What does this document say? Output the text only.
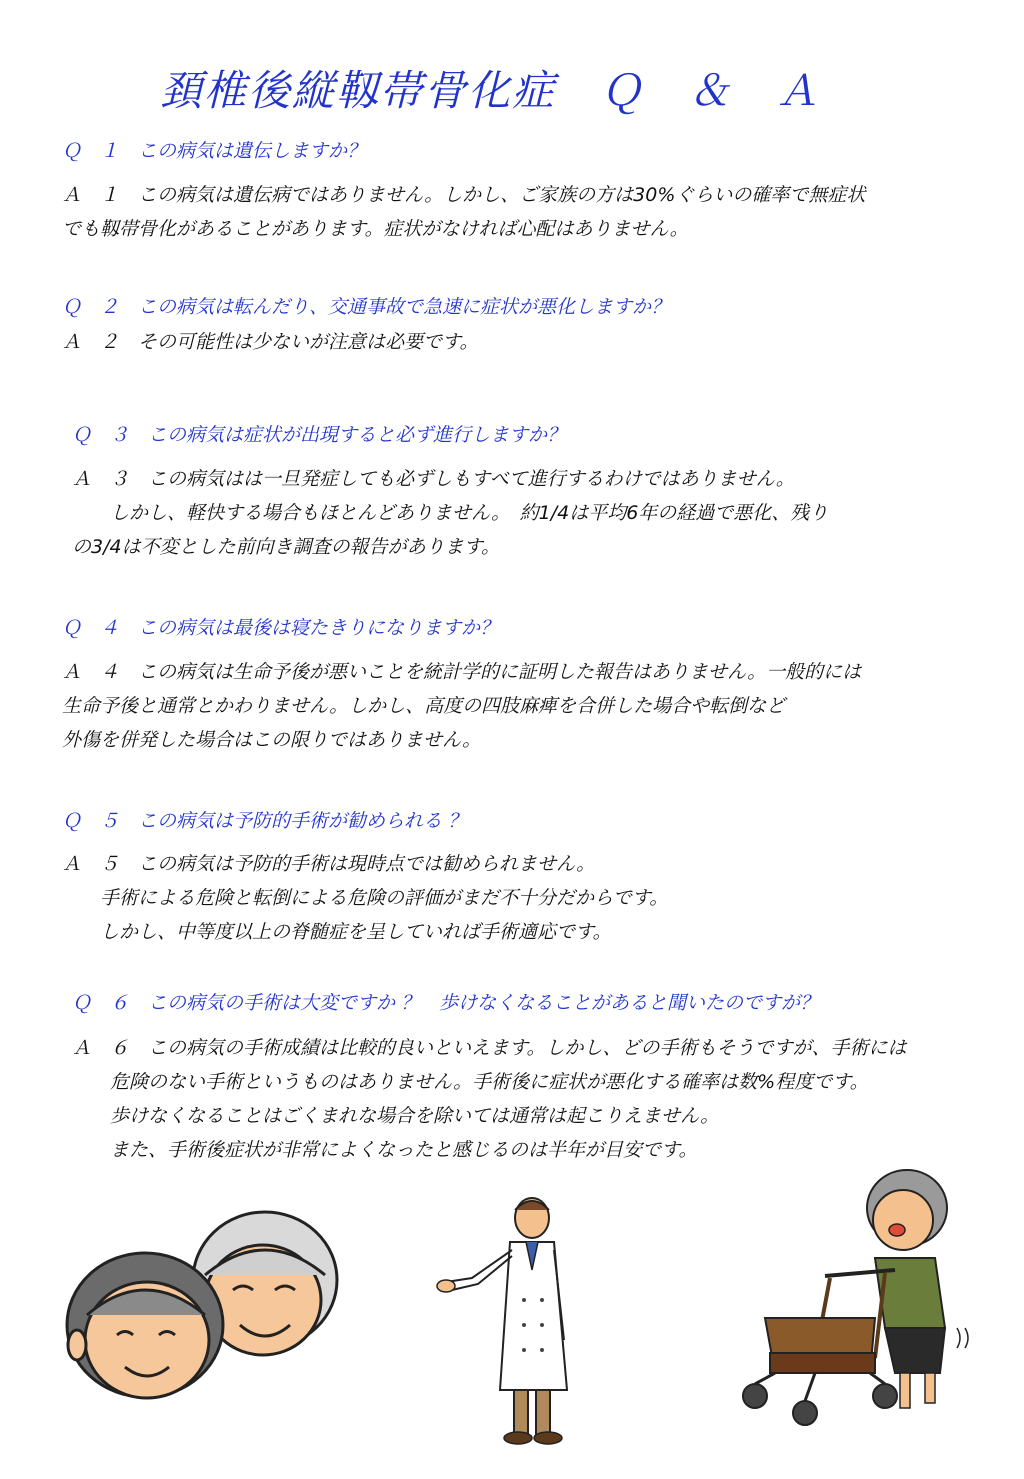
頚椎後縦靱帯骨化症　Ｑ　＆　Ａ
Ｑ　１　この病気は遺伝しますか？
Ａ　１　この病気は遺伝病ではありません。しかし、ご家族の方は30%ぐらいの確率で無症状
でも靱帯骨化があることがあります。症状がなければ心配はありません。
Ｑ　２　この病気は転んだり、交通事故で急速に症状が悪化しますか？
Ａ　２　その可能性は少ないが注意は必要です。
Ｑ　３　この病気は症状が出現すると必ず進行しますか？
Ａ　３　この病気はは一旦発症しても必ずしもすべて進行するわけではありません。
　　しかし、軽快する場合もほとんどありません。　約1/4は平均6年の経過で悪化、残り
の3/4は不変とした前向き調査の報告があります。
Ｑ　４　この病気は最後は寝たきりになりますか？
Ａ　４　この病気は生命予後が悪いことを統計学的に証明した報告はありません。一般的には
生命予後と通常とかわりません。しかし、高度の四肢麻痺を合併した場合や転倒など
外傷を併発した場合はこの限りではありません。
Ｑ　５　この病気は予防的手術が勧められる ？
Ａ　５　この病気は予防的手術は現時点では勧められません。
　　手術による危険と転倒による危険の評価がまだ不十分だからです。
　　しかし、中等度以上の脊髄症を呈していれば手術適応です。
Ｑ　６　この病気の手術は大変ですか ？　歩けなくなることがあると聞いたのですが？
Ａ　６　この病気の手術成績は比較的良いといえます。しかし、どの手術もそうですが、手術には
　　危険のない手術というものはありません。手術後に症状が悪化する確率は数%程度です。
　　歩けなくなることはごくまれな場合を除いては通常は起こりえません。
　　また、手術後症状が非常によくなったと感じるのは半年が目安です。
